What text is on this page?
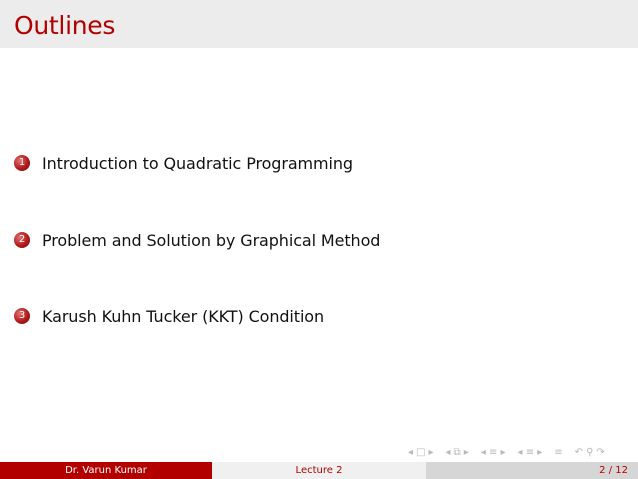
Outlines
1	Introduction to Quadratic Programming
2	Problem and Solution by Graphical Method
3	Karush Kuhn Tucker (KKT) Condition
◂ □ ▸ ◂ ⧉ ▸ ◂ ≡ ▸ ◂ ≡ ▸ ≡ ↶ ⚲ ↷
Dr. Varun Kumar	Lecture 2	2 / 12
